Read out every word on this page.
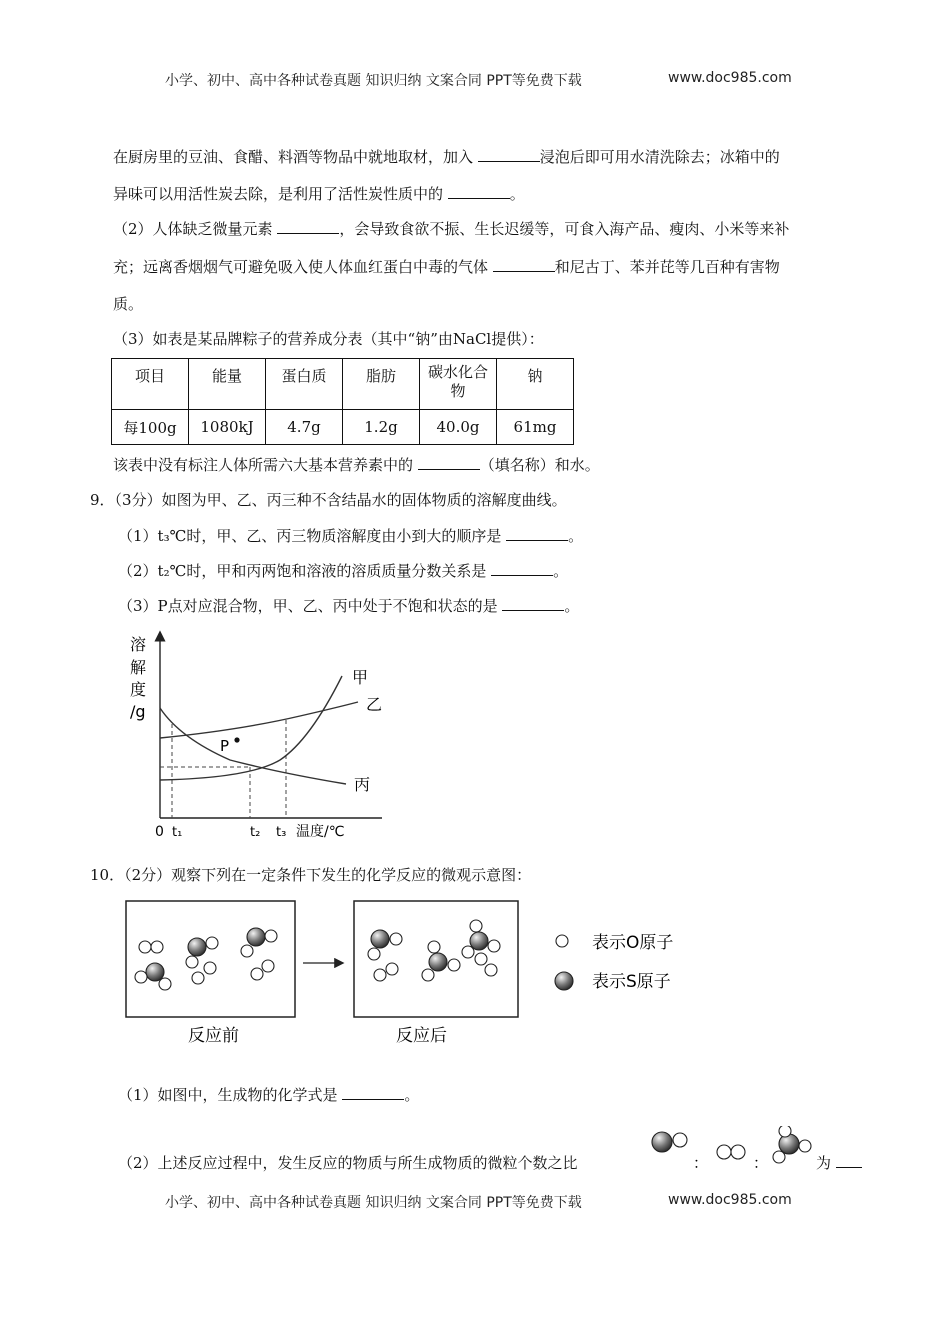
小学、初中、高中各种试卷真题 知识归纳 文案合同 PPT等免费下载	www.doc985.com
在厨房里的豆油、食醋、料酒等物品中就地取材，加入	浸泡后即可用水清洗除去；冰箱中的
异味可以用活性炭去除，是利用了活性炭性质中的	。
（2）人体缺乏微量元素	，会导致食欲不振、生长迟缓等，可食入海产品、瘦肉、小米等来补
充；远离香烟烟气可避免吸入使人体血红蛋白中毒的气体	和尼古丁、苯并芘等几百种有害物
质。
（3）如表是某品牌粽子的营养成分表（其中“钠”由NaCl提供）：
项目	能量	蛋白质	脂肪	碳水化合物	钠
每100g	1080kJ	4.7g	1.2g	40.0g	61mg
该表中没有标注人体所需六大基本营养素中的	（填名称）和水。
9．（3分）如图为甲、乙、丙三种不含结晶水的固体物质的溶解度曲线。
（1）t₃℃时，甲、乙、丙三物质溶解度由小到大的顺序是	。
（2）t₂℃时，甲和丙两饱和溶液的溶质质量分数关系是	。
（3）P点对应混合物，甲、乙、丙中处于不饱和状态的是	。
溶
解
度
/g
P
甲
乙
丙
0 t₁	t₂ t₃ 温度/℃
10．（2分）观察下列在一定条件下发生的化学反应的微观示意图：
表示O原子
表示S原子
反应前	反应后
（1）如图中，生成物的化学式是	。
（2）上述反应过程中，发生反应的物质与所生成物质的微粒个数之比	：	：	为
小学、初中、高中各种试卷真题 知识归纳 文案合同 PPT等免费下载	www.doc985.com
